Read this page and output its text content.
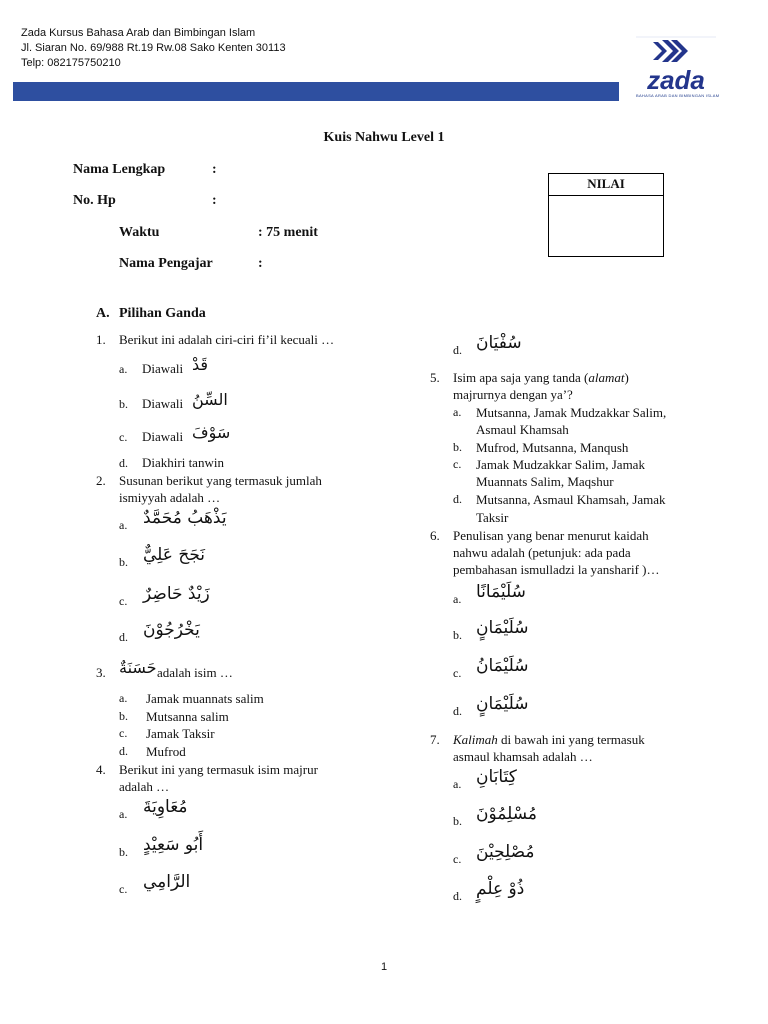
Zada Kursus Bahasa Arab dan Bimbingan Islam
Jl. Siaran No. 69/988 Rt.19 Rw.08 Sako Kenten 30113
Telp: 082175750210
zada
BAHASA ARAB DAN BIMBINGAN ISLAM
Kuis Nahwu Level 1
Nama Lengkap	:
No. Hp	:
Waktu	: 75 menit
Nama Pengajar	:
NILAI
A. Pilihan Ganda
1. Berikut ini adalah ciri-ciri fi’il kecuali …
a. Diawali قَدْ
b. Diawali السِّنُ
c. Diawali سَوْفَ
d. Diakhiri tanwin
2. Susunan berikut yang termasuk jumlah
ismiyyah adalah …
a. يَذْهَبُ مُحَمَّدٌ
b. نَجَحَ عَلِيٌّ
c. زَيْدٌ حَاضِرٌ
d. يَخْرُجُوْنَ
3. حَسَنَةٌ adalah isim …
a. Jamak muannats salim
b. Mutsanna salim
c. Jamak Taksir
d. Mufrod
4. Berikut ini yang termasuk isim majrur
adalah …
a. مُعَاوِيَةَ
b. أَبُو سَعِيْدٍ
c. الرَّامِي
d. سُفْيَانَ
5. Isim apa saja yang tanda (alamat)
majrurnya dengan ya’?
a. Mutsanna, Jamak Mudzakkar Salim,
Asmaul Khamsah
b. Mufrod, Mutsanna, Manqush
c. Jamak Mudzakkar Salim, Jamak
Muannats Salim, Maqshur
d. Mutsanna, Asmaul Khamsah, Jamak
Taksir
6. Penulisan yang benar menurut kaidah
nahwu adalah (petunjuk: ada pada
pembahasan ismulladzi la yansharif )…
a. سُلَيْمَانًا
b. سُلَيْمَانٍ
c. سُلَيْمَانُ
d. سُلَيْمَانٍ
7. Kalimah di bawah ini yang termasuk
asmaul khamsah adalah …
a. كِتَابَانِ
b. مُسْلِمُوْنَ
c. مُصْلِحِيْنَ
d. ذُوْ عِلْمٍ
1
